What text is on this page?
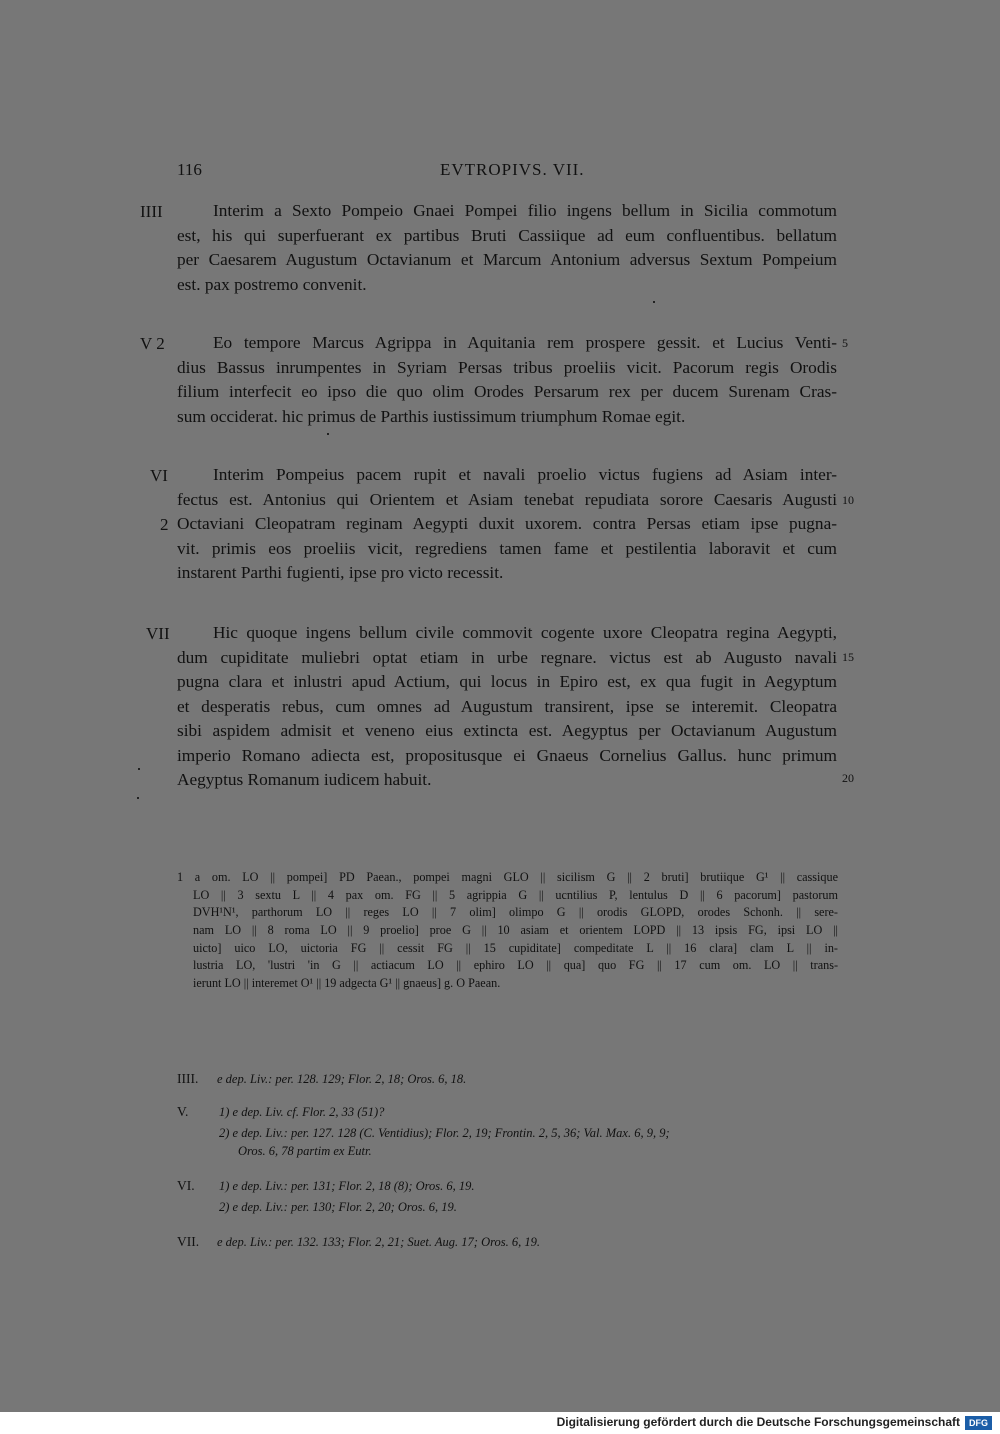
116	EVTROPIVS. VII.
IIII	Interim a Sexto Pompeio Gnaei Pompei filio ingens bellum in Sicilia commotum
est, his qui superfuerant ex partibus Bruti Cassiique ad eum confluentibus. bellatum
per Caesarem Augustum Octavianum et Marcum Antonium adversus Sextum Pompeium
est. pax postremo convenit.
V 2	Eo tempore Marcus Agrippa in Aquitania rem prospere gessit. et Lucius Venti-
dius Bassus inrumpentes in Syriam Persas tribus proeliis vicit. Pacorum regis Orodis
filium interfecit eo ipso die quo olim Orodes Persarum rex per ducem Surenam Cras-
sum occiderat. hic primus de Parthis iustissimum triumphum Romae egit.
5
VI
2
Interim Pompeius pacem rupit et navali proelio victus fugiens ad Asiam inter-
fectus est. Antonius qui Orientem et Asiam tenebat repudiata sorore Caesaris Augusti
Octaviani Cleopatram reginam Aegypti duxit uxorem. contra Persas etiam ipse pugna-
vit. primis eos proeliis vicit, regrediens tamen fame et pestilentia laboravit et cum
instarent Parthi fugienti, ipse pro victo recessit.
10
VII	Hic quoque ingens bellum civile commovit cogente uxore Cleopatra regina Aegypti,
dum cupiditate muliebri optat etiam in urbe regnare. victus est ab Augusto navali
pugna clara et inlustri apud Actium, qui locus in Epiro est, ex qua fugit in Aegyptum
et desperatis rebus, cum omnes ad Augustum transirent, ipse se interemit. Cleopatra
sibi aspidem admisit et veneno eius extincta est. Aegyptus per Octavianum Augustum
imperio Romano adiecta est, propositusque ei Gnaeus Cornelius Gallus. hunc primum
Aegyptus Romanum iudicem habuit.
15
20
1 a om. LO || pompei] PD Paean., pompei magni GLO || sicilism G || 2 bruti] brutiique G¹ || cassique
LO || 3 sextu L || 4 pax om. FG || 5 agrippia G || ucntilius P, lentulus D || 6 pacorum] pastorum
DVH¹N¹, parthorum LO || reges LO || 7 olim] olimpo G || orodis GLOPD, orodes Schonh. || sere-
nam LO || 8 roma LO || 9 proelio] proe G || 10 asiam et orientem LOPD || 13 ipsis FG, ipsi LO ||
uicto] uico LO, uictoria FG || cessit FG || 15 cupiditate] compeditate L || 16 clara] clam L || in-
lustria LO, 'lustri 'in G || actiacum LO || ephiro LO || qua] quo FG || 17 cum om. LO || trans-
ierunt LO || interemet O¹ || 19 adgecta G¹ || gnaeus] g. O Paean.
IIII. e dep. Liv.: per. 128. 129; Flor. 2, 18; Oros. 6, 18.
V. 1) e dep. Liv. cf. Flor. 2, 33 (51)?
2) e dep. Liv.: per. 127. 128 (C. Ventidius); Flor. 2, 19; Frontin. 2, 5, 36; Val. Max. 6, 9, 9;
Oros. 6, 78 partim ex Eutr.
VI. 1) e dep. Liv.: per. 131; Flor. 2, 18 (8); Oros. 6, 19.
2) e dep. Liv.: per. 130; Flor. 2, 20; Oros. 6, 19.
VII. e dep. Liv.: per. 132. 133; Flor. 2, 21; Suet. Aug. 17; Oros. 6, 19.
Digitalisierung gefördert durch die Deutsche Forschungsgemeinschaft	DFG
